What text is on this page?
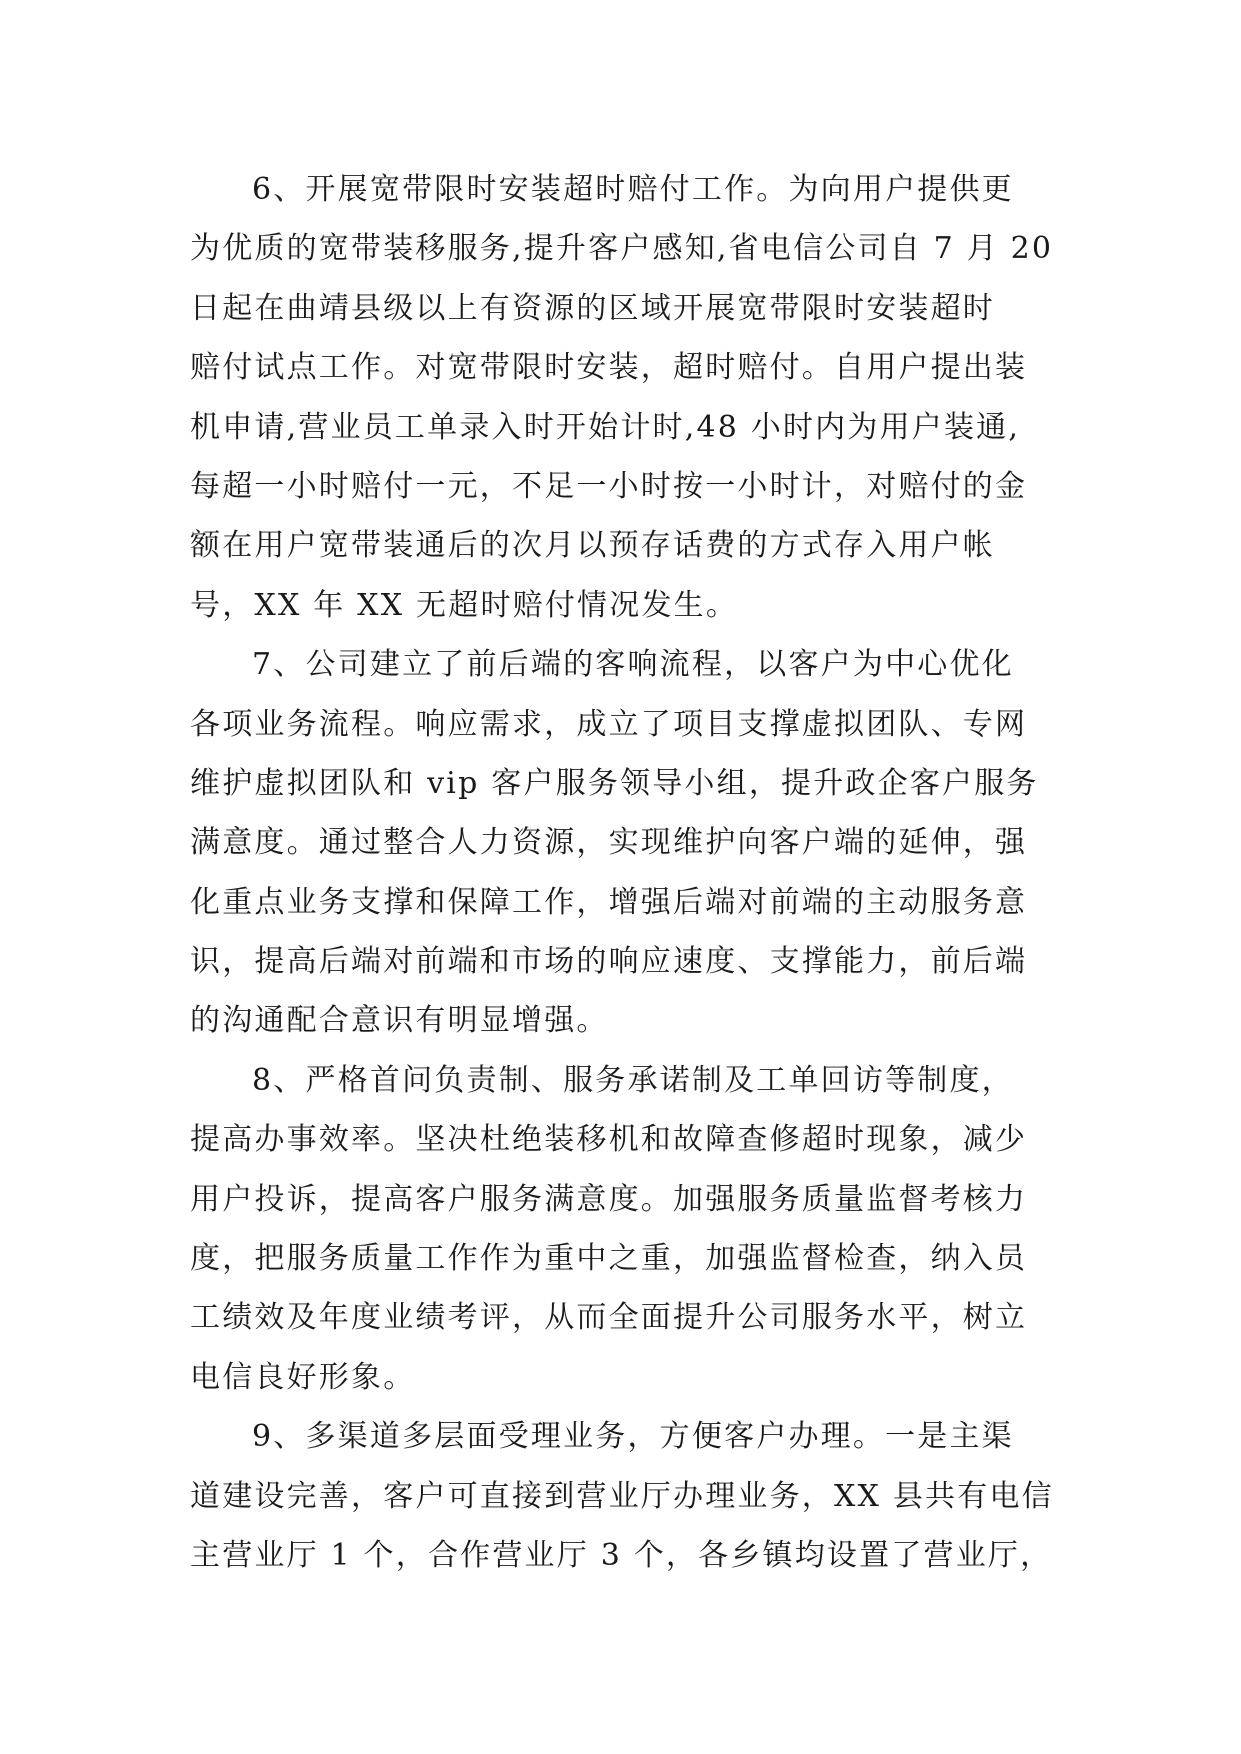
6、开展宽带限时安装超时赔付工作。为向用户提供更
为优质的宽带装移服务,提升客户感知,省电信公司自 7 月 20
日起在曲靖县级以上有资源的区域开展宽带限时安装超时
赔付试点工作。对宽带限时安装，超时赔付。自用户提出装
机申请,营业员工单录入时开始计时,48 小时内为用户装通,
每超一小时赔付一元，不足一小时按一小时计，对赔付的金
额在用户宽带装通后的次月以预存话费的方式存入用户帐
号，XX 年 XX 无超时赔付情况发生。
7、公司建立了前后端的客响流程，以客户为中心优化
各项业务流程。响应需求，成立了项目支撑虚拟团队、专网
维护虚拟团队和 vip 客户服务领导小组，提升政企客户服务
满意度。通过整合人力资源，实现维护向客户端的延伸，强
化重点业务支撑和保障工作，增强后端对前端的主动服务意
识，提高后端对前端和市场的响应速度、支撑能力，前后端
的沟通配合意识有明显增强。
8、严格首问负责制、服务承诺制及工单回访等制度，
提高办事效率。坚决杜绝装移机和故障查修超时现象，减少
用户投诉，提高客户服务满意度。加强服务质量监督考核力
度，把服务质量工作作为重中之重，加强监督检查，纳入员
工绩效及年度业绩考评，从而全面提升公司服务水平，树立
电信良好形象。
9、多渠道多层面受理业务，方便客户办理。一是主渠
道建设完善，客户可直接到营业厅办理业务，XX 县共有电信
主营业厅 1 个，合作营业厅 3 个，各乡镇均设置了营业厅，
